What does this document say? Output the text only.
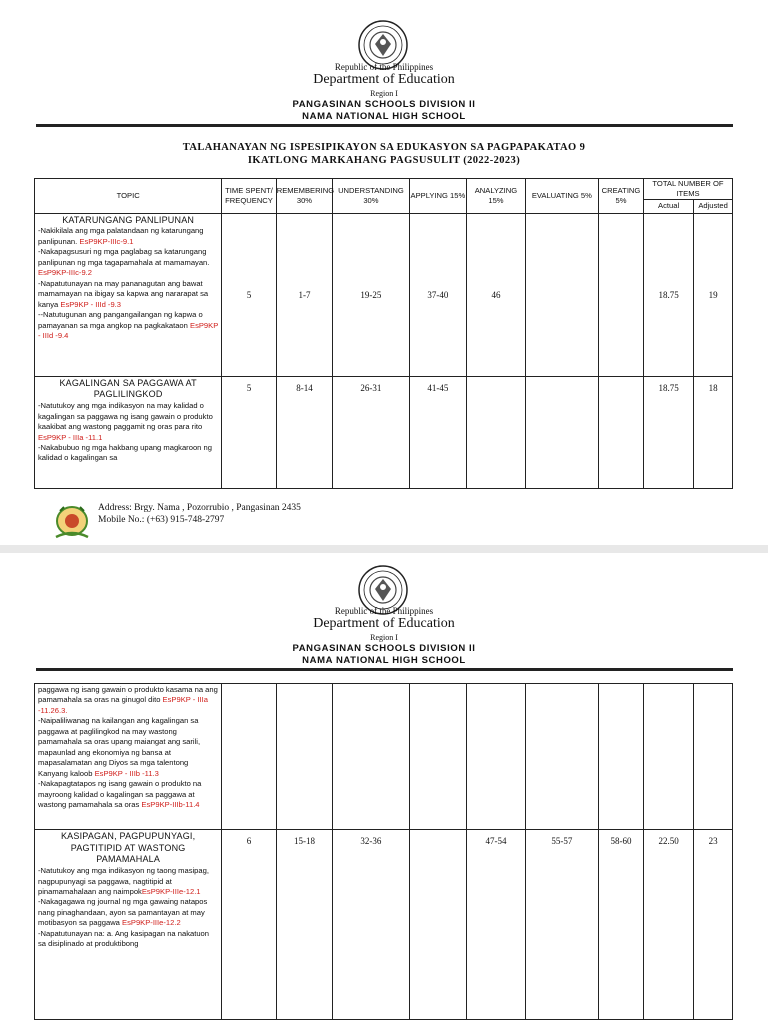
Republic of the Philippines
Department of Education
Region I
PANGASINAN SCHOOLS DIVISION II
NAMA NATIONAL HIGH SCHOOL
TALAHANAYAN NG ISPESIPIKAYON SA EDUKASYON SA PAGPAPAKATAO 9
IKATLONG MARKAHANG PAGSUSULIT (2022-2023)
TOPIC	TIME SPENT/ FREQUENCY	REMEMBERING 30%	UNDERSTANDING 30%	APPLYING 15%	ANALYZING 15%	EVALUATING 5%	CREATING 5%	TOTAL NUMBER OF ITEMS	
								Actual	Adjusted

KATARUNGANG PANLIPUNAN
-Nakikilala ang mga palatandaan ng katarungang panlipunan. EsP9KP-IIIc-9.1
-Nakapagsusuri ng mga paglabag sa katarungang panlipunan ng mga tagapamahala at mamamayan. EsP9KP-IIIc-9.2
-Napatutunayan na may pananagutan ang bawat mamamayan na ibigay sa kapwa ang nararapat sa kanya EsP9KP - IIId -9.3
--Natutugunan ang pangangailangan ng kapwa o pamayanan sa mga angkop na pagkakataon EsP9KP - IIId -9.4	5	1-7	19-25	37-40	46			18.75	19

KAGALINGAN SA PAGGAWA AT PAGLILINGKOD
-Natutukoy ang mga indikasyon na may kalidad o kagalingan sa paggawa ng isang gawain o produkto kaakibat ang wastong paggamit ng oras para rito EsP9KP - IIIa -11.1
-Nakabubuo ng mga hakbang upang magkaroon ng kalidad o kagalingan sa	5	8-14	26-31	41-45				18.75	18
Address: Brgy. Nama , Pozorrubio , Pangasinan 2435
Mobile No.: (+63) 915-748-2797
Republic of the Philippines
Department of Education
Region I
PANGASINAN SCHOOLS DIVISION II
NAMA NATIONAL HIGH SCHOOL
paggawa ng isang gawain o produkto kasama na ang pamamahala sa oras na ginugol dito EsP9KP - IIIa -11.26.3.
-Naipaliliwanag na kailangan ang kagalingan sa paggawa at paglilingkod na may wastong pamamahala sa oras upang maiangat ang sarili, mapaunlad ang ekonomiya ng bansa at mapasalamatan ang Diyos sa mga talentong Kanyang kaloob EsP9KP - IIIb -11.3
-Nakapagtatapos ng isang gawain o produkto na mayroong kalidad o kagalingan sa paggawa at wastong pamamahala sa oras EsP9KP-IIIb-11.4									

KASIPAGAN, PAGPUPUNYAGI, PAGTITIPID AT WASTONG PAMAMAHALA
-Natutukoy ang mga indikasyon ng taong masipag, nagpupunyagi sa paggawa, nagtitipid at pinamamahalaan ang naimpokEsP9KP-IIIe-12.1
-Nakagagawa ng journal ng mga gawaing natapos nang pinaghandaan, ayon sa pamantayan at may motibasyon sa paggawa EsP9KP-IIIe-12.2
-Napatutunayan na: a. Ang kasipagan na nakatuon sa disiplinado at produktibong	6	15-18	32-36		47-54	55-57	58-60	22.50	23
